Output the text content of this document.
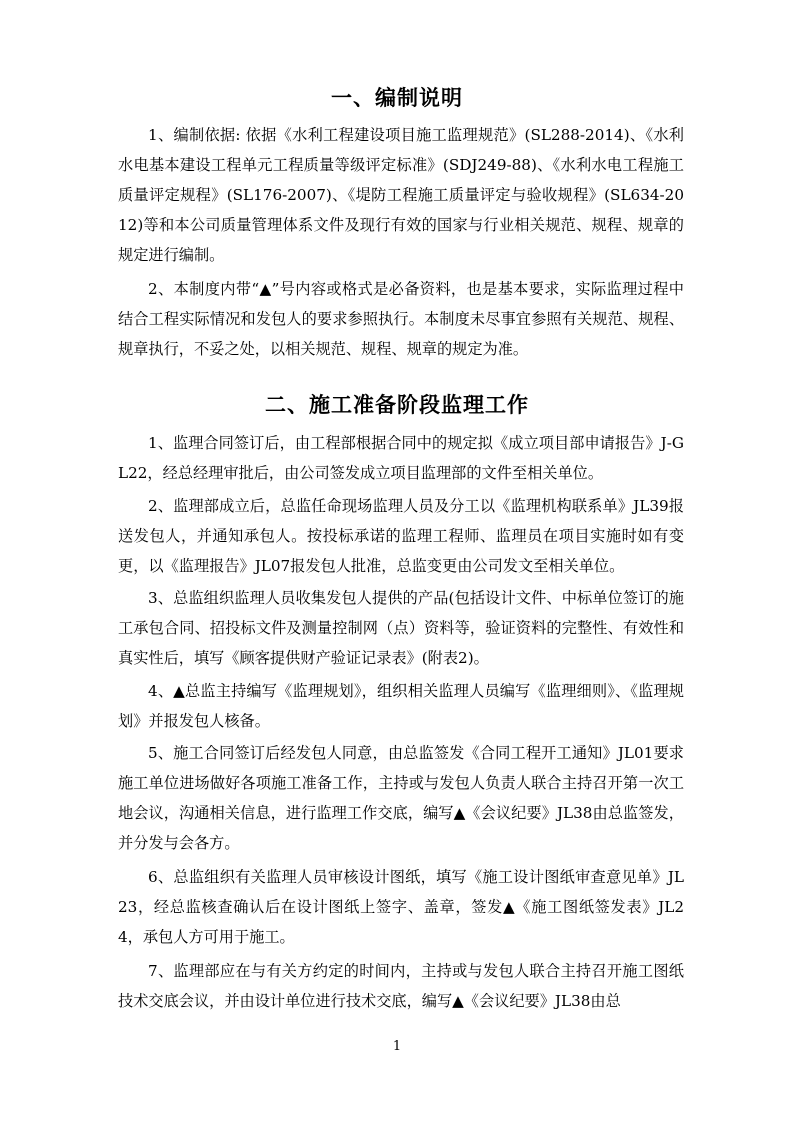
一、编制说明

1、编制依据: 依据《水利工程建设项目施工监理规范》(SL288-2014)、《水利水电基本建设工程单元工程质量等级评定标准》(SDJ249-88)、《水利水电工程施工质量评定规程》(SL176-2007)、《堤防工程施工质量评定与验收规程》(SL634-2012)等和本公司质量管理体系文件及现行有效的国家与行业相关规范、规程、规章的规定进行编制。

2、本制度内带“▲”号内容或格式是必备资料，也是基本要求，实际监理过程中结合工程实际情况和发包人的要求参照执行。本制度未尽事宜参照有关规范、规程、规章执行，不妥之处，以相关规范、规程、规章的规定为准。

二、施工准备阶段监理工作

1、监理合同签订后，由工程部根据合同中的规定拟《成立项目部申请报告》J-GL22，经总经理审批后，由公司签发成立项目监理部的文件至相关单位。

2、监理部成立后，总监任命现场监理人员及分工以《监理机构联系单》JL39报送发包人，并通知承包人。按投标承诺的监理工程师、监理员在项目实施时如有变更，以《监理报告》JL07报发包人批准，总监变更由公司发文至相关单位。

3、总监组织监理人员收集发包人提供的产品(包括设计文件、中标单位签订的施工承包合同、招投标文件及测量控制网（点）资料等，验证资料的完整性、有效性和真实性后，填写《顾客提供财产验证记录表》(附表2)。

4、▲总监主持编写《监理规划》，组织相关监理人员编写《监理细则》、《监理规划》并报发包人核备。

5、施工合同签订后经发包人同意，由总监签发《合同工程开工通知》JL01要求施工单位进场做好各项施工准备工作，主持或与发包人负责人联合主持召开第一次工地会议，沟通相关信息，进行监理工作交底，编写▲《会议纪要》JL38由总监签发，并分发与会各方。

6、总监组织有关监理人员审核设计图纸，填写《施工设计图纸审查意见单》JL23，经总监核查确认后在设计图纸上签字、盖章，签发▲《施工图纸签发表》JL24，承包人方可用于施工。

7、监理部应在与有关方约定的时间内，主持或与发包人联合主持召开施工图纸技术交底会议，并由设计单位进行技术交底，编写▲《会议纪要》JL38由总

1
